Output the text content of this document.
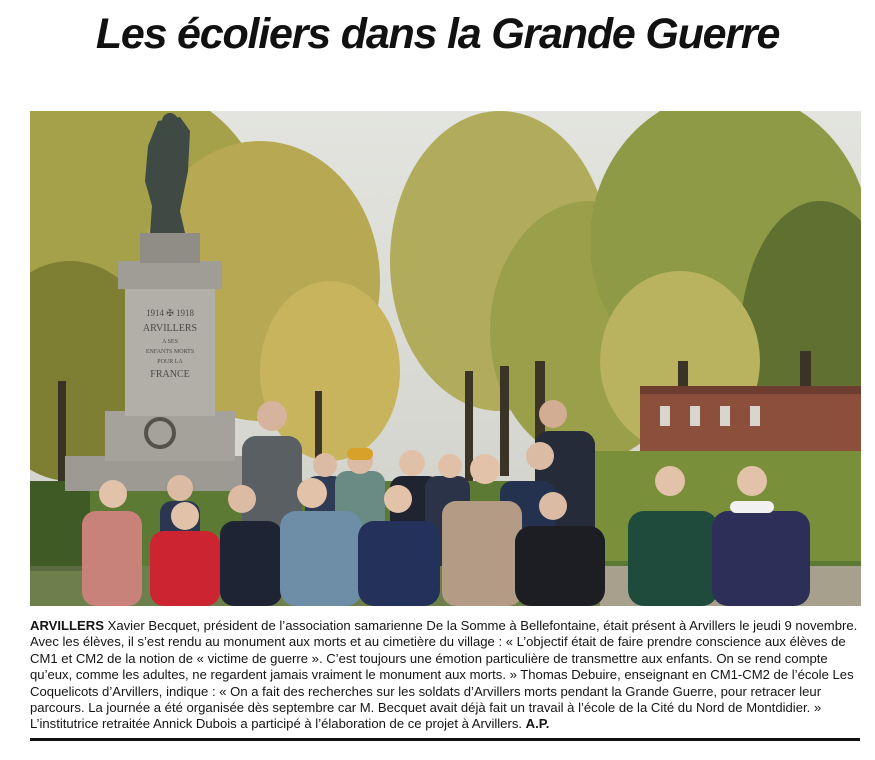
Les écoliers dans la Grande Guerre
1914 ✠ 1918
ARVILLERS
A SES
ENFANTS MORTS
POUR LA
FRANCE
ARVILLERS Xavier Becquet, président de l’association samarienne De la Somme à Bellefontaine, était présent à Arvillers le jeudi 9 novembre. Avec les élèves, il s’est rendu au monument aux morts et au cimetière du village : « L’objectif était de faire prendre conscience aux élèves de CM1 et CM2 de la notion de « victime de guerre ». C’est toujours une émotion particulière de transmettre aux enfants. On se rend compte qu’eux, comme les adultes, ne regardent jamais vraiment le monument aux morts. » Thomas Debuire, enseignant en CM1-CM2 de l’école Les Coquelicots d’Arvillers, indique : « On a fait des recherches sur les soldats d’Arvillers morts pendant la Grande Guerre, pour retracer leur parcours. La journée a été organisée dès septembre car M. Becquet avait déjà fait un travail à l’école de la Cité du Nord de Montdidier. » L’institutrice retraitée Annick Dubois a participé à l’élaboration de ce projet à Arvillers. A.P.
